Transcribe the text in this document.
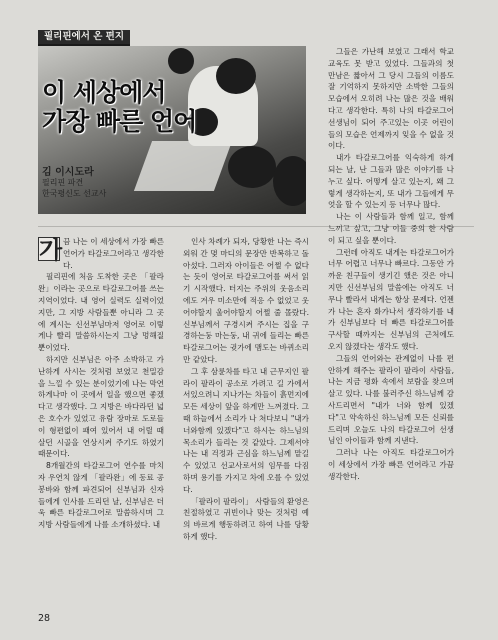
필리핀에서 온 편지
이 세상에서
가장 빠른 언어
김 이시도라
필리핀 파견
한국평신도 선교사

가 끔 나는 이 세상에서 가장 빠른 언어가 타갈로그어라고 생각한다.

필리핀에 처음 도착한 곳은 「팔라완」이라는 곳으로 타갈로그어를 쓰는 지역이었다. 내 영어 실력도 실력이었지만, 그 지방 사람들뿐 아니라 그 곳에 계시는 신선부님마저 영어로 이렇게나 빨리 말씀하시는지 그냥 멍해질 뿐이었다.

하지만 신부님은 아주 소박하고 가난하게 사시는 것처럼 보였고 천밀감을 느낄 수 있는 분이었기에 나는 막연하게나마 이 곳에서 일을 했으면 좋겠다고 생각했다. 그 지방은 바다라던 넓은 호수가 있었고 유람 장마로 도로들이 형편없이 패여 있어서 내 어릴 때 살던 시골을 연상시켜 주기도 하였기 때문이다.

8개월간의 타갈로그어 연수를 마치자 우연치 않게 「팔라완」에 동료 공봉바와 함께 파견되어 신부님과 신자들에게 인사를 드리던 날, 신부님은 더욱 빠른 타갈로그어로 말씀하시며 그 지방 사람들에게 나를 소개하셨다. 내

인사 차례가 되자, 당황한 나는 즉시 외워 간 몇 마디의 문장만 반복하고 돌아섰다. 그러자 아이들은 어쩔 수 없다는 듯이 영어로 타갈로그어를 써서 읽기 시작했다. 터지는 주위의 웃음소리에도 겨우 미소만에 적응 수 없었고 웃어야할지 울어야할지 어쩔 줄 몰랐다. 신부님께서 구경시켜 주시는 집을 구경하는둥 마는둥, 내 귀에 들리는 빠른 타갈로그어는 귓가에 맴도는 바퀴소리만 같았다.

그 후 삼륜차를 타고 내 근무지인 팔라이 팔라이 공소로 가려고 길 가에서 서있으려니 지나가는 차들이 흙먼지에 모든 세상이 앞을 하게만 느껴졌다. 그 때 하늘에서 소리가 나 쳐다보니 "내가 너와함께 있겠다"고 하시는 하느님의 목소리가 들리는 것 같았다. 그제서야 나는 내 걱정과 근심을 하느님께 맡길 수 있었고 선교사로서의 임무를 다짐하며 용기를 가지고 차에 오를 수 있었다.

「팔라이 팔라이」 사람들의 환영은 친절하였고 귀빈이나 맞는 것처럼 예의 바르게 행동하려고 하여 나를 당황하게 했다.

그들은 가난해 보였고 그래서 학교교육도 못 받고 있었다. 그들과의 첫 만남은 짧아서 그 당시 그들의 이름도 잘 기억하지 못하지만 소박한 그들의 모습에서 오히려 나는 많은 것을 배워다고 생각한다. 특히 나의 타갈로그어 선생님이 되어 주고있는 이곳 어린이들의 모습은 언제까지 잊을 수 없을 것이다.

내가 타갈로그어를 익숙하게 하게 되는 날, 난 그들과 많은 이야기를 나누고 싶다. 어떻게 살고 있는지, 왜 그렇게 생각하는지, 또 내가 그들에게 무엇을 할 수 있는지 등 너무나 많다.

나는 이 사람들과 함께 일고, 함께 느끼고 싶고, 그냥 이들 중의 한 사람이 되고 싶을 뿐이다.

그런데 아직도 내게는 타갈로그어가 너무 어렵고 너무나 빠르다. 그동안 가까운 친구들이 생기긴 했은 것은 아니지만 신선부님의 말씀에는 아직도 너무나 빨라서 내게는 항상 문제다. 언젠가 나는 혼자 화가나서 생각하기를 내가 신부님보다 더 빠른 타갈로그어를 구사할 때까지는 신부님의 근처에도 오지 않겠다는 생각도 했다.

그들의 언어와는 관계없이 나를 편안하게 해주는 팔라이 팔라이 사람들, 나는 지금 평화 속에서 보람을 찾으며 살고 있다. 나를 불러주신 하느님께 감사드리면서 "내가 너와 함께 있겠다"고 약속하신 하느님께 모든 신뢰를 드리며 오늘도 나의 타갈로그어 선생님인 아이들과 함께 지낸다.

그러나 나는 아직도 타갈로그어가 이 세상에서 가장 빠른 언어라고 가끔 생각한다.

28
